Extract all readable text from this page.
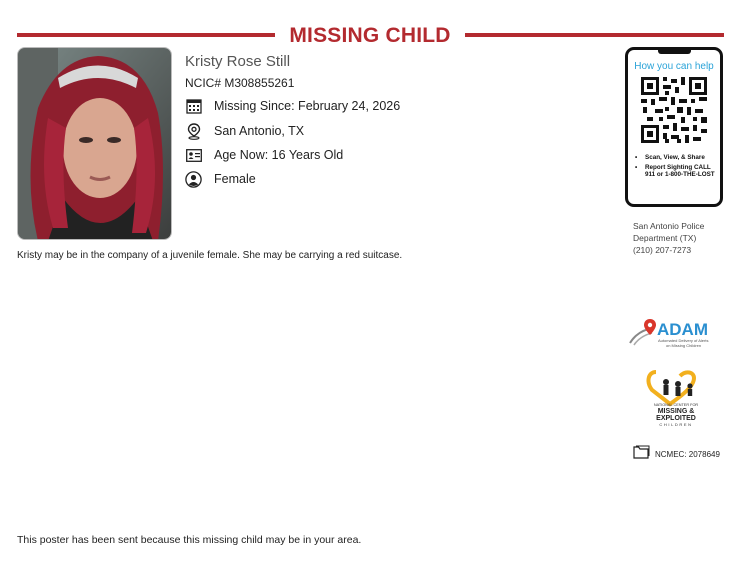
MISSING CHILD
Kristy Rose Still
NCIC# M308855261
Missing Since: February 24, 2026
San Antonio, TX
Age Now: 16 Years Old
Female
Kristy may be in the company of a juvenile female. She may be carrying a red suitcase.
How you can help
• Scan, View, & Share
• Report Sighting CALL 911 or 1-800-THE-LOST
San Antonio Police
Department (TX)
(210) 207-7273
ADAM
Automated Delivery of Alerts
on Missing Children
NATIONAL CENTER FOR
MISSING &
EXPLOITED
CHILDREN
NCMEC: 2078649
This poster has been sent because this missing child may be in your area.
